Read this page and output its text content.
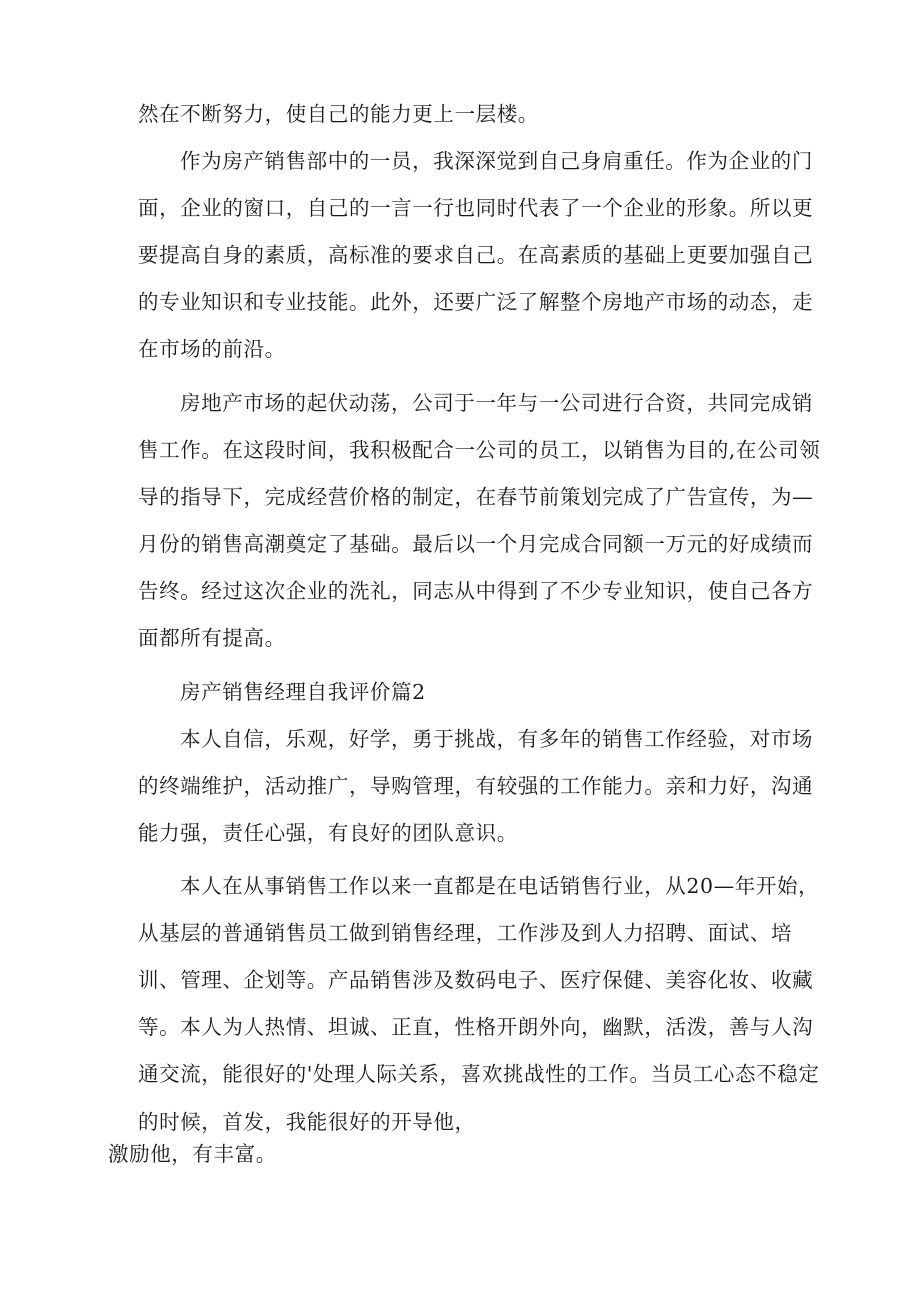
然在不断努力，使自己的能力更上一层楼。
作为房产销售部中的一员，我深深觉到自己身肩重任。作为企业的门
面，企业的窗口，自己的一言一行也同时代表了一个企业的形象。所以更
要提高自身的素质，高标准的要求自己。在高素质的基础上更要加强自己
的专业知识和专业技能。此外，还要广泛了解整个房地产市场的动态，走
在市场的前沿。
房地产市场的起伏动荡，公司于一年与一公司进行合资，共同完成销
售工作。在这段时间，我积极配合一公司的员工，以销售为目的,在公司领
导的指导下，完成经营价格的制定，在春节前策划完成了广告宣传，为—
月份的销售高潮奠定了基础。最后以一个月完成合同额一万元的好成绩而
告终。经过这次企业的洗礼，同志从中得到了不少专业知识，使自己各方
面都所有提高。
房产销售经理自我评价篇2
本人自信，乐观，好学，勇于挑战，有多年的销售工作经验，对市场
的终端维护，活动推广，导购管理，有较强的工作能力。亲和力好，沟通
能力强，责任心强，有良好的团队意识。
本人在从事销售工作以来一直都是在电话销售行业，从20—年开始，
从基层的普通销售员工做到销售经理，工作涉及到人力招聘、面试、培
训、管理、企划等。产品销售涉及数码电子、医疗保健、美容化妆、收藏
等。本人为人热情、坦诚、正直，性格开朗外向，幽默，活泼，善与人沟
通交流，能很好的'处理人际关系，喜欢挑战性的工作。当员工心态不稳定
的时候，首发，我能很好的开导他，
激励他，有丰富。
